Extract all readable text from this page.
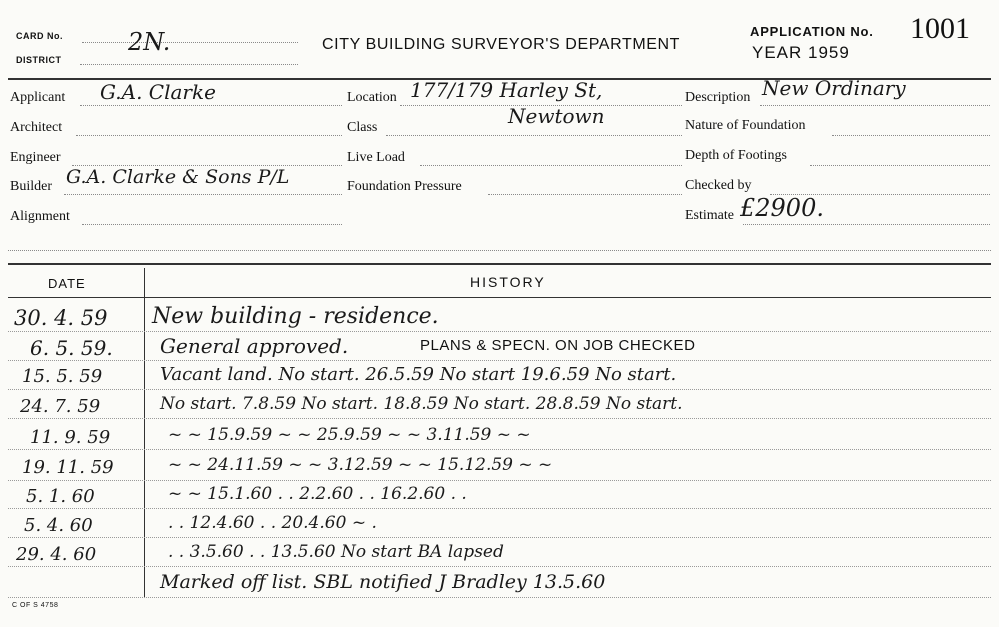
CARD No.	2N.
DISTRICT
CITY BUILDING SURVEYOR'S DEPARTMENT
APPLICATION No. 1001
YEAR 1959
Applicant G.A. Clarke
Architect
Engineer
Builder G.A. Clarke & Sons P/L
Alignment
Location 177/179 Harley St,
Class	Newtown
Live Load
Foundation Pressure
Description New Ordinary
Nature of Foundation
Depth of Footings
Checked by
Estimate £2900.
DATE	HISTORY
30. 4. 59 New building - residence.
6. 5. 59. General approved.	PLANS & SPECN. ON JOB CHECKED
15. 5. 59	Vacant land. No start. 26.5.59 No start 19.6.59 No start.
24. 7. 59	No start. 7.8.59 No start. 18.8.59 No start. 28.8.59 No start.
11. 9. 59	~ ~ 15.9.59 ~ ~ 25.9.59 ~ ~ 3.11.59 ~ ~
19. 11. 59	~ ~ 24.11.59 ~ ~ 3.12.59 ~ ~ 15.12.59 ~ ~
5. 1. 60	~ ~ 15.1.60 . . 2.2.60 . . 16.2.60 . .
5. 4. 60	. . 12.4.60 . . 20.4.60 ~ .
29. 4. 60	. . 3.5.60 . . 13.5.60 No start BA lapsed
Marked off list. SBL notified J Bradley 13.5.60
C OF S 4758
